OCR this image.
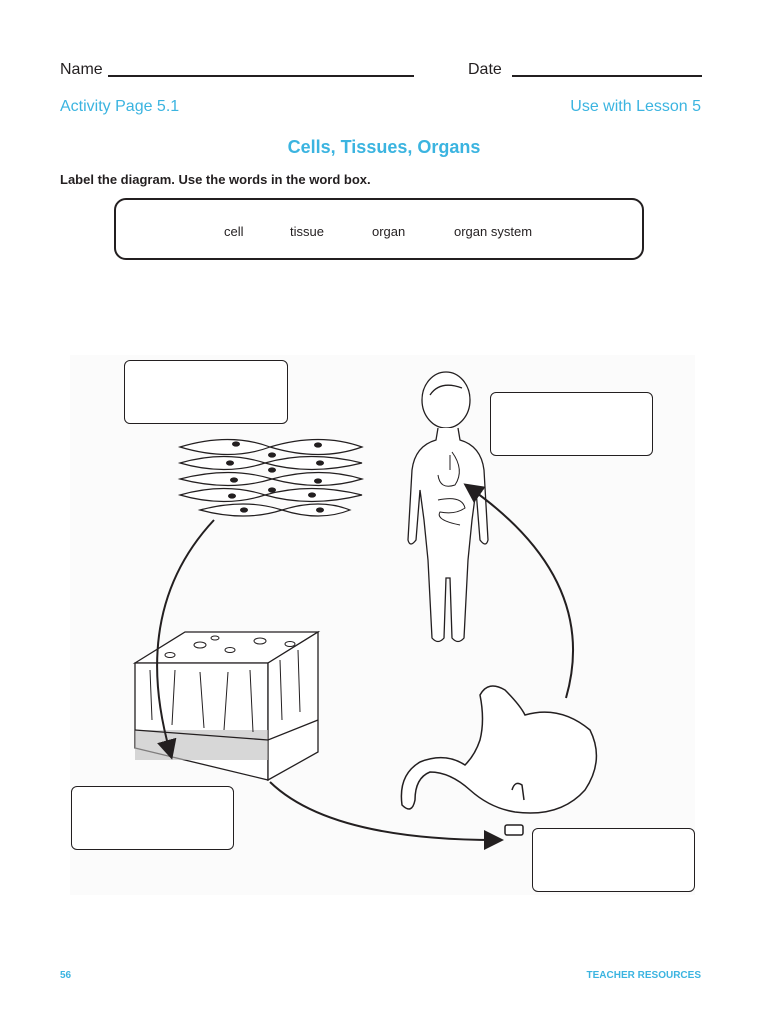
Name	Date
Activity Page 5.1	Use with Lesson 5
Cells, Tissues, Organs
Label the diagram. Use the words in the word box.
cell	tissue	organ	organ system
56	TEACHER RESOURCES
